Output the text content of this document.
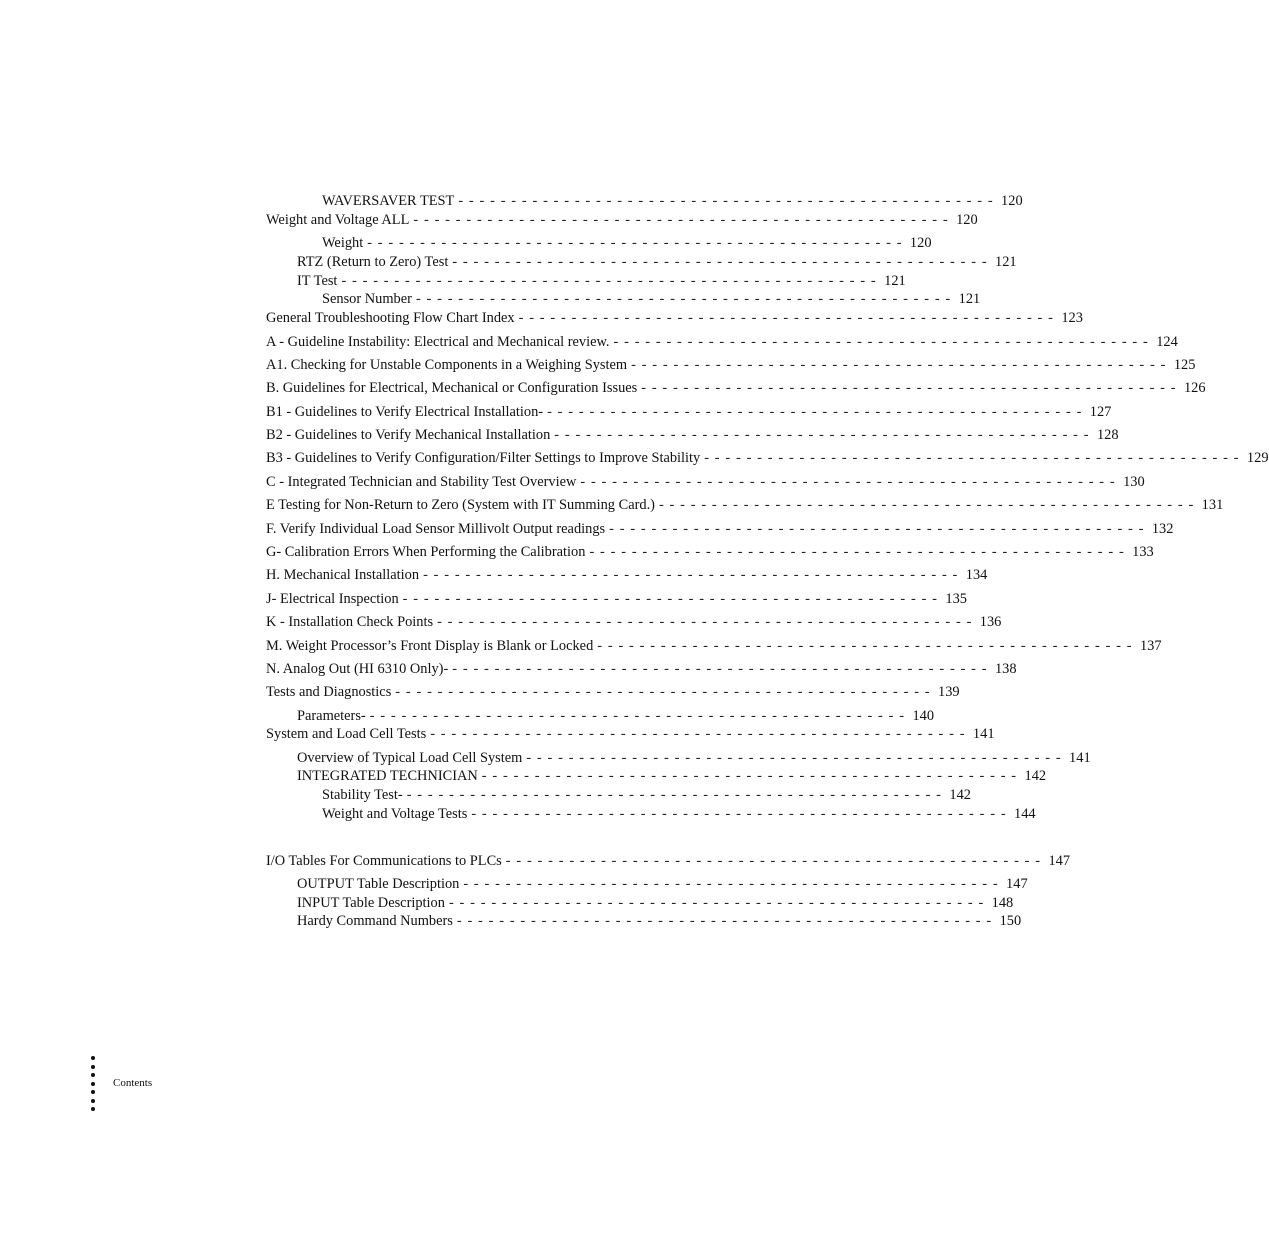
WAVERSAVER TEST - - - - - - - - - - - - - - - - - - - - - - - - - - - - - - - - - - - - - - - - - - - - - - - - - - - 120
Weight and Voltage ALL - - - - - - - - - - - - - - - - - - - - - - - - - - - - - - - - - - - - - - - - - - - - - - - - - - - 120
Weight - - - - - - - - - - - - - - - - - - - - - - - - - - - - - - - - - - - - - - - - - - - - - - - - - - - 120
RTZ (Return to Zero) Test - - - - - - - - - - - - - - - - - - - - - - - - - - - - - - - - - - - - - - - - - - - - - - - - - - - 121
IT Test - - - - - - - - - - - - - - - - - - - - - - - - - - - - - - - - - - - - - - - - - - - - - - - - - - - 121
Sensor Number - - - - - - - - - - - - - - - - - - - - - - - - - - - - - - - - - - - - - - - - - - - - - - - - - - - 121
General Troubleshooting Flow Chart Index - - - - - - - - - - - - - - - - - - - - - - - - - - - - - - - - - - - - - - - - - - - - - - - - - - - 123
A - Guideline Instability: Electrical and Mechanical review. - - - - - - - - - - - - - - - - - - - - - - - - - - - - - - - - - - - - - - - - - - - - - - - - - - - 124
A1. Checking for Unstable Components in a Weighing System - - - - - - - - - - - - - - - - - - - - - - - - - - - - - - - - - - - - - - - - - - - - - - - - - - - 125
B. Guidelines for Electrical, Mechanical or Configuration Issues - - - - - - - - - - - - - - - - - - - - - - - - - - - - - - - - - - - - - - - - - - - - - - - - - - - 126
B1 - Guidelines to Verify Electrical Installation- - - - - - - - - - - - - - - - - - - - - - - - - - - - - - - - - - - - - - - - - - - - - - - - - - - - 127
B2 - Guidelines to Verify Mechanical Installation - - - - - - - - - - - - - - - - - - - - - - - - - - - - - - - - - - - - - - - - - - - - - - - - - - - 128
B3 - Guidelines to Verify Configuration/Filter Settings to Improve Stability - - - - - - - - - - - - - - - - - - - - - - - - - - - - - - - - - - - - - - - - - - - - - - - - - - - 129
C - Integrated Technician and Stability Test Overview - - - - - - - - - - - - - - - - - - - - - - - - - - - - - - - - - - - - - - - - - - - - - - - - - - - 130
E Testing for Non-Return to Zero (System with IT Summing Card.) - - - - - - - - - - - - - - - - - - - - - - - - - - - - - - - - - - - - - - - - - - - - - - - - - - - 131
F. Verify Individual Load Sensor Millivolt Output readings - - - - - - - - - - - - - - - - - - - - - - - - - - - - - - - - - - - - - - - - - - - - - - - - - - - 132
G- Calibration Errors When Performing the Calibration - - - - - - - - - - - - - - - - - - - - - - - - - - - - - - - - - - - - - - - - - - - - - - - - - - - 133
H. Mechanical Installation - - - - - - - - - - - - - - - - - - - - - - - - - - - - - - - - - - - - - - - - - - - - - - - - - - - 134
J- Electrical Inspection - - - - - - - - - - - - - - - - - - - - - - - - - - - - - - - - - - - - - - - - - - - - - - - - - - - 135
K - Installation Check Points - - - - - - - - - - - - - - - - - - - - - - - - - - - - - - - - - - - - - - - - - - - - - - - - - - - 136
M. Weight Processor’s Front Display is Blank or Locked - - - - - - - - - - - - - - - - - - - - - - - - - - - - - - - - - - - - - - - - - - - - - - - - - - - 137
N. Analog Out (HI 6310 Only)- - - - - - - - - - - - - - - - - - - - - - - - - - - - - - - - - - - - - - - - - - - - - - - - - - - - 138
Tests and Diagnostics - - - - - - - - - - - - - - - - - - - - - - - - - - - - - - - - - - - - - - - - - - - - - - - - - - - 139
Parameters- - - - - - - - - - - - - - - - - - - - - - - - - - - - - - - - - - - - - - - - - - - - - - - - - - - - 140
System and Load Cell Tests - - - - - - - - - - - - - - - - - - - - - - - - - - - - - - - - - - - - - - - - - - - - - - - - - - - 141
Overview of Typical Load Cell System - - - - - - - - - - - - - - - - - - - - - - - - - - - - - - - - - - - - - - - - - - - - - - - - - - - 141
INTEGRATED TECHNICIAN - - - - - - - - - - - - - - - - - - - - - - - - - - - - - - - - - - - - - - - - - - - - - - - - - - - 142
Stability Test- - - - - - - - - - - - - - - - - - - - - - - - - - - - - - - - - - - - - - - - - - - - - - - - - - - - 142
Weight and Voltage Tests - - - - - - - - - - - - - - - - - - - - - - - - - - - - - - - - - - - - - - - - - - - - - - - - - - - 144
I/O Tables For Communications to PLCs - - - - - - - - - - - - - - - - - - - - - - - - - - - - - - - - - - - - - - - - - - - - - - - - - - - 147
OUTPUT Table Description - - - - - - - - - - - - - - - - - - - - - - - - - - - - - - - - - - - - - - - - - - - - - - - - - - - 147
INPUT Table Description - - - - - - - - - - - - - - - - - - - - - - - - - - - - - - - - - - - - - - - - - - - - - - - - - - - 148
Hardy Command Numbers - - - - - - - - - - - - - - - - - - - - - - - - - - - - - - - - - - - - - - - - - - - - - - - - - - - 150
Contents
